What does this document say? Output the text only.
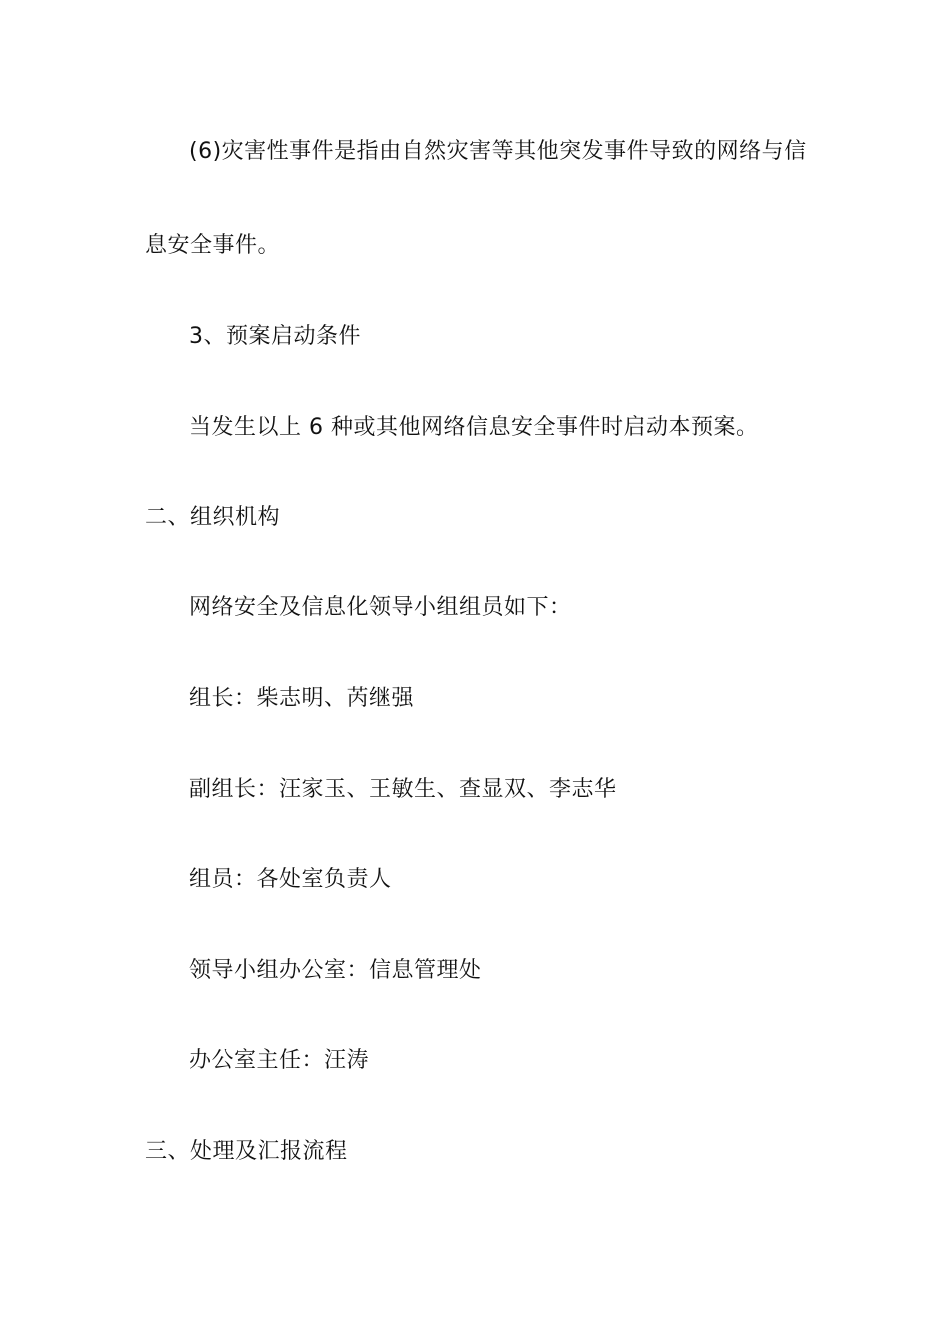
(6)灾害性事件是指由自然灾害等其他突发事件导致的网络与信
息安全事件。
3、预案启动条件
当发生以上 6 种或其他网络信息安全事件时启动本预案。
二、组织机构
网络安全及信息化领导小组组员如下：
组长：柴志明、芮继强
副组长：汪家玉、王敏生、查显双、李志华
组员：各处室负责人
领导小组办公室：信息管理处
办公室主任：汪涛
三、处理及汇报流程
